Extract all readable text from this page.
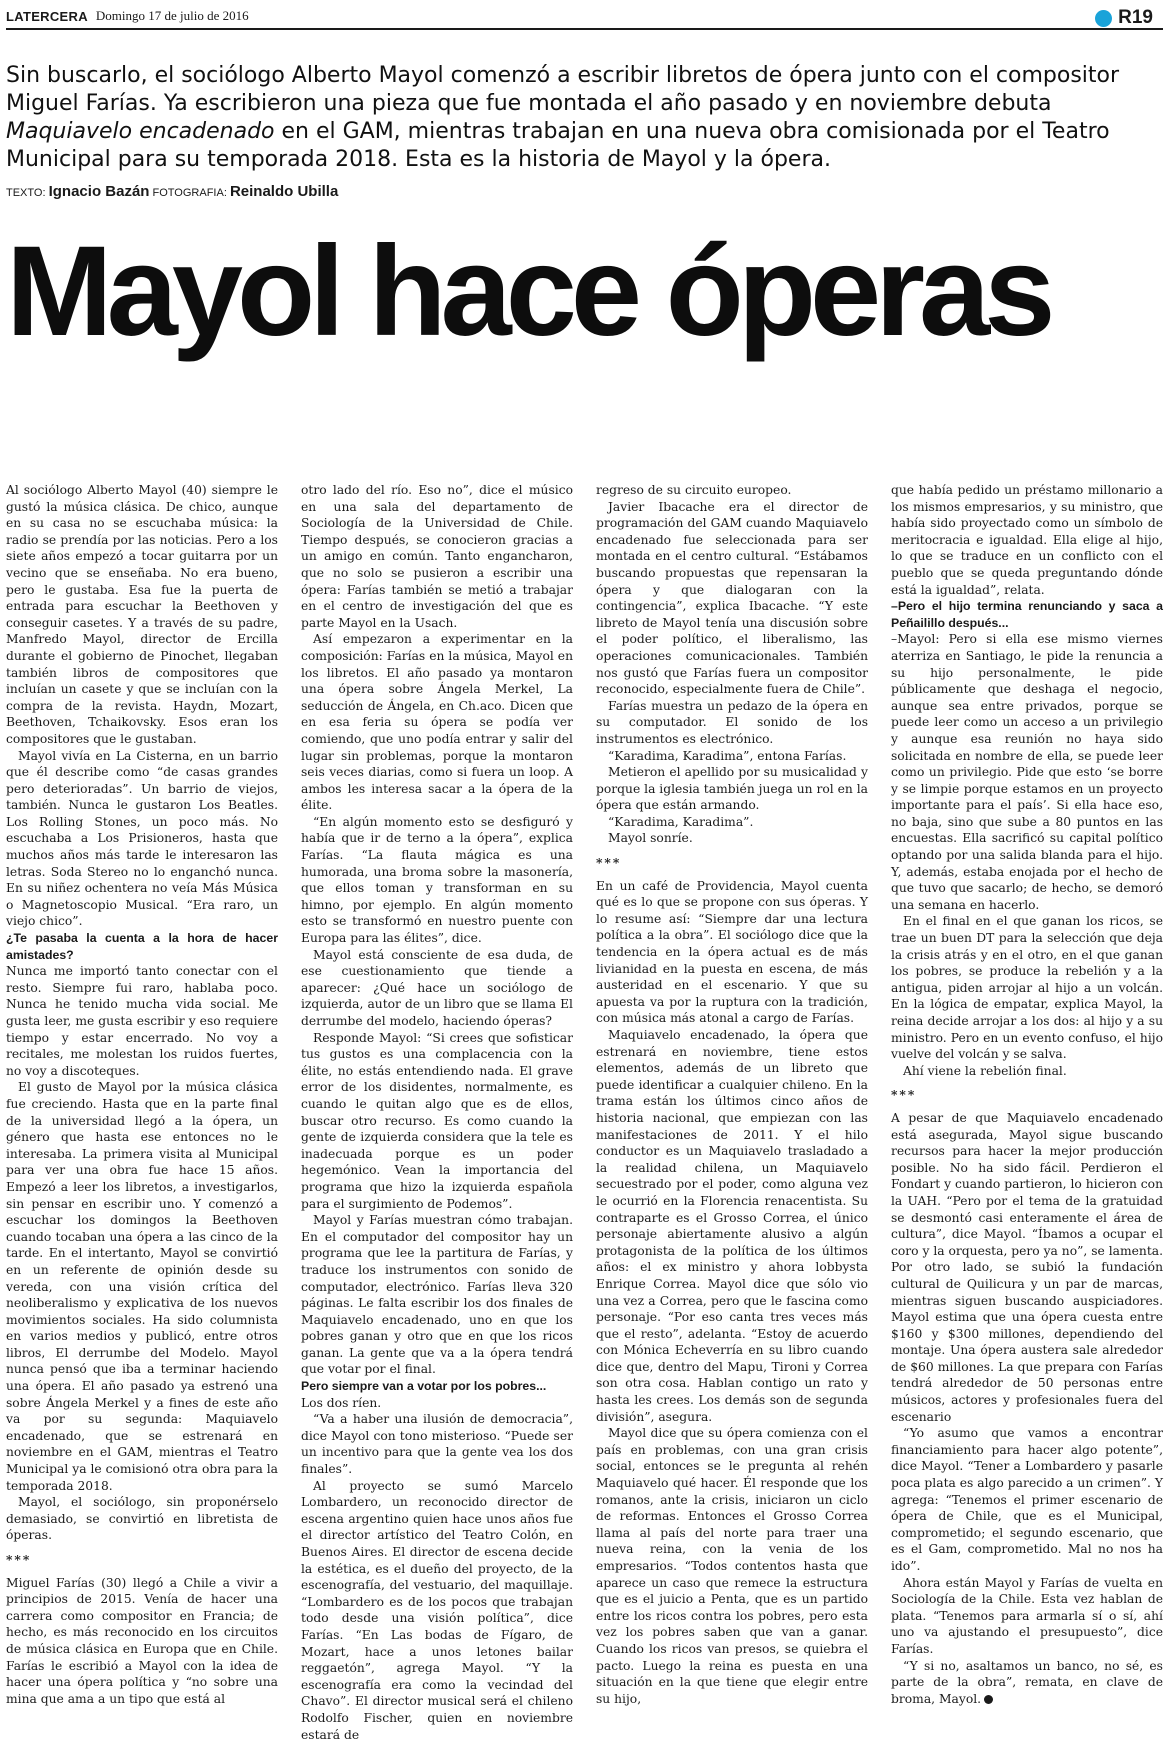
LATERCERA Domingo 17 de julio de 2016	R19
Sin buscarlo, el sociólogo Alberto Mayol comenzó a escribir libretos de ópera junto con el compositor Miguel Farías. Ya escribieron una pieza que fue montada el año pasado y en noviembre debuta Maquiavelo encadenado en el GAM, mientras trabajan en una nueva obra comisionada por el Teatro Municipal para su temporada 2018. Esta es la historia de Mayol y la ópera.
TEXTO: Ignacio Bazán FOTOGRAFIA: Reinaldo Ubilla
Mayol hace óperas

Al sociólogo Alberto Mayol (40) siempre le gustó la música clásica. De chico, aunque en su casa no se escuchaba música: la radio se prendía por las noticias. Pero a los siete años empezó a tocar guitarra por un vecino que se enseñaba. No era bueno, pero le gustaba. Esa fue la puerta de entrada para escuchar la Beethoven y conseguir casetes. Y a través de su padre, Manfredo Mayol, director de Ercilla durante el gobierno de Pinochet, llegaban también libros de compositores que incluían un casete y que se incluían con la compra de la revista. Haydn, Mozart, Beethoven, Tchaikovsky. Esos eran los compositores que le gustaban.

Mayol vivía en La Cisterna, en un barrio que él describe como “de casas grandes pero deterioradas”. Un barrio de viejos, también. Nunca le gustaron Los Beatles. Los Rolling Stones, un poco más. No escuchaba a Los Prisioneros, hasta que muchos años más tarde le interesaron las letras. Soda Stereo no lo enganchó nunca. En su niñez ochentera no veía Más Música o Magnetoscopio Musical. “Era raro, un viejo chico”.

¿Te pasaba la cuenta a la hora de hacer amistades?

Nunca me importó tanto conectar con el resto. Siempre fui raro, hablaba poco. Nunca he tenido mucha vida social. Me gusta leer, me gusta escribir y eso requiere tiempo y estar encerrado. No voy a recitales, me molestan los ruidos fuertes, no voy a discoteques.

El gusto de Mayol por la música clásica fue creciendo. Hasta que en la parte final de la universidad llegó a la ópera, un género que hasta ese entonces no le interesaba. La primera visita al Municipal para ver una obra fue hace 15 años. Empezó a leer los libretos, a investigarlos, sin pensar en escribir uno. Y comenzó a escuchar los domingos la Beethoven cuando tocaban una ópera a las cinco de la tarde. En el intertanto, Mayol se convirtió en un referente de opinión desde su vereda, con una visión crítica del neoliberalismo y explicativa de los nuevos movimientos sociales. Ha sido columnista en varios medios y publicó, entre otros libros, El derrumbe del Modelo. Mayol nunca pensó que iba a terminar haciendo una ópera. El año pasado ya estrenó una sobre Ángela Merkel y a fines de este año va por su segunda: Maquiavelo encadenado, que se estrenará en noviembre en el GAM, mientras el Teatro Municipal ya le comisionó otra obra para la temporada 2018.

Mayol, el sociólogo, sin proponérselo demasiado, se convirtió en libretista de óperas.

***

Miguel Farías (30) llegó a Chile a vivir a principios de 2015. Venía de hacer una carrera como compositor en Francia; de hecho, es más reconocido en los circuitos de música clásica en Europa que en Chile. Farías le escribió a Mayol con la idea de hacer una ópera política y “no sobre una mina que ama a un tipo que está al

otro lado del río. Eso no”, dice el músico en una sala del departamento de Sociología de la Universidad de Chile. Tiempo después, se conocieron gracias a un amigo en común. Tanto engancharon, que no solo se pusieron a escribir una ópera: Farías también se metió a trabajar en el centro de investigación del que es parte Mayol en la Usach.

Así empezaron a experimentar en la composición: Farías en la música, Mayol en los libretos. El año pasado ya montaron una ópera sobre Ángela Merkel, La seducción de Ángela, en Ch.aco. Dicen que en esa feria su ópera se podía ver comiendo, que uno podía entrar y salir del lugar sin problemas, porque la montaron seis veces diarias, como si fuera un loop. A ambos les interesa sacar a la ópera de la élite.

“En algún momento esto se desfiguró y había que ir de terno a la ópera”, explica Farías. “La flauta mágica es una humorada, una broma sobre la masonería, que ellos toman y transforman en su himno, por ejemplo. En algún momento esto se transformó en nuestro puente con Europa para las élites”, dice.

Mayol está consciente de esa duda, de ese cuestionamiento que tiende a aparecer: ¿Qué hace un sociólogo de izquierda, autor de un libro que se llama El derrumbe del modelo, haciendo óperas?

Responde Mayol: “Si crees que sofisticar tus gustos es una complacencia con la élite, no estás entendiendo nada. El grave error de los disidentes, normalmente, es cuando le quitan algo que es de ellos, buscar otro recurso. Es como cuando la gente de izquierda considera que la tele es inadecuada porque es un poder hegemónico. Vean la importancia del programa que hizo la izquierda española para el surgimiento de Podemos”.

Mayol y Farías muestran cómo trabajan. En el computador del compositor hay un programa que lee la partitura de Farías, y traduce los instrumentos con sonido de computador, electrónico. Farías lleva 320 páginas. Le falta escribir los dos finales de Maquiavelo encadenado, uno en que los pobres ganan y otro que en que los ricos ganan. La gente que va a la ópera tendrá que votar por el final.

Pero siempre van a votar por los pobres...

Los dos ríen.

“Va a haber una ilusión de democracia”, dice Mayol con tono misterioso. “Puede ser un incentivo para que la gente vea los dos finales”.

Al proyecto se sumó Marcelo Lombardero, un reconocido director de escena argentino quien hace unos años fue el director artístico del Teatro Colón, en Buenos Aires. El director de escena decide la estética, es el dueño del proyecto, de la escenografía, del vestuario, del maquillaje. “Lombardero es de los pocos que trabajan todo desde una visión política”, dice Farías. “En Las bodas de Fígaro, de Mozart, hace a unos letones bailar reggaetón”, agrega Mayol. “Y la escenografía era como la vecindad del Chavo”. El director musical será el chileno Rodolfo Fischer, quien en noviembre estará de

regreso de su circuito europeo.

Javier Ibacache era el director de programación del GAM cuando Maquiavelo encadenado fue seleccionada para ser montada en el centro cultural. “Estábamos buscando propuestas que repensaran la ópera y que dialogaran con la contingencia”, explica Ibacache. “Y este libreto de Mayol tenía una discusión sobre el poder político, el liberalismo, las operaciones comunicacionales. También nos gustó que Farías fuera un compositor reconocido, especialmente fuera de Chile”.

Farías muestra un pedazo de la ópera en su computador. El sonido de los instrumentos es electrónico.

“Karadima, Karadima”, entona Farías.

Metieron el apellido por su musicalidad y porque la iglesia también juega un rol en la ópera que están armando.

“Karadima, Karadima”.

Mayol sonríe.

***

En un café de Providencia, Mayol cuenta qué es lo que se propone con sus óperas. Y lo resume así: “Siempre dar una lectura política a la obra”. El sociólogo dice que la tendencia en la ópera actual es de más livianidad en la puesta en escena, de más austeridad en el escenario. Y que su apuesta va por la ruptura con la tradición, con música más atonal a cargo de Farías.

Maquiavelo encadenado, la ópera que estrenará en noviembre, tiene estos elementos, además de un libreto que puede identificar a cualquier chileno. En la trama están los últimos cinco años de historia nacional, que empiezan con las manifestaciones de 2011. Y el hilo conductor es un Maquiavelo trasladado a la realidad chilena, un Maquiavelo secuestrado por el poder, como alguna vez le ocurrió en la Florencia renacentista. Su contraparte es el Grosso Correa, el único personaje abiertamente alusivo a algún protagonista de la política de los últimos años: el ex ministro y ahora lobbysta Enrique Correa. Mayol dice que sólo vio una vez a Correa, pero que le fascina como personaje. “Por eso canta tres veces más que el resto”, adelanta. “Estoy de acuerdo con Mónica Echeverría en su libro cuando dice que, dentro del Mapu, Tironi y Correa son otra cosa. Hablan contigo un rato y hasta les crees. Los demás son de segunda división”, asegura.

Mayol dice que su ópera comienza con el país en problemas, con una gran crisis social, entonces se le pregunta al rehén Maquiavelo qué hacer. Él responde que los romanos, ante la crisis, iniciaron un ciclo de reformas. Entonces el Grosso Correa llama al país del norte para traer una nueva reina, con la venia de los empresarios. “Todos contentos hasta que aparece un caso que remece la estructura que es el juicio a Penta, que es un partido entre los ricos contra los pobres, pero esta vez los pobres saben que van a ganar. Cuando los ricos van presos, se quiebra el pacto. Luego la reina es puesta en una situación en la que tiene que elegir entre su hijo,

que había pedido un préstamo millonario a los mismos empresarios, y su ministro, que había sido proyectado como un símbolo de meritocracia e igualdad. Ella elige al hijo, lo que se traduce en un conflicto con el pueblo que se queda preguntando dónde está la igualdad”, relata.

–Pero el hijo termina renunciando y saca a Peñailillo después...

–Mayol: Pero si ella ese mismo viernes aterriza en Santiago, le pide la renuncia a su hijo personalmente, le pide públicamente que deshaga el negocio, aunque sea entre privados, porque se puede leer como un acceso a un privilegio y aunque esa reunión no haya sido solicitada en nombre de ella, se puede leer como un privilegio. Pide que esto ‘se borre y se limpie porque estamos en un proyecto importante para el país’. Si ella hace eso, no baja, sino que sube a 80 puntos en las encuestas. Ella sacrificó su capital político optando por una salida blanda para el hijo. Y, además, estaba enojada por el hecho de que tuvo que sacarlo; de hecho, se demoró una semana en hacerlo.

En el final en el que ganan los ricos, se trae un buen DT para la selección que deja la crisis atrás y en el otro, en el que ganan los pobres, se produce la rebelión y a la antigua, piden arrojar al hijo a un volcán. En la lógica de empatar, explica Mayol, la reina decide arrojar a los dos: al hijo y a su ministro. Pero en un evento confuso, el hijo vuelve del volcán y se salva.

Ahí viene la rebelión final.

***

A pesar de que Maquiavelo encadenado está asegurada, Mayol sigue buscando recursos para hacer la mejor producción posible. No ha sido fácil. Perdieron el Fondart y cuando partieron, lo hicieron con la UAH. “Pero por el tema de la gratuidad se desmontó casi enteramente el área de cultura”, dice Mayol. “Íbamos a ocupar el coro y la orquesta, pero ya no”, se lamenta. Por otro lado, se subió la fundación cultural de Quilicura y un par de marcas, mientras siguen buscando auspiciadores. Mayol estima que una ópera cuesta entre $160 y $300 millones, dependiendo del montaje. Una ópera austera sale alrededor de $60 millones. La que prepara con Farías tendrá alrededor de 50 personas entre músicos, actores y profesionales fuera del escenario

“Yo asumo que vamos a encontrar financiamiento para hacer algo potente”, dice Mayol. “Tener a Lombardero y pasarle poca plata es algo parecido a un crimen”. Y agrega: “Tenemos el primer escenario de ópera de Chile, que es el Municipal, comprometido; el segundo escenario, que es el Gam, comprometido. Mal no nos ha ido”.

Ahora están Mayol y Farías de vuelta en Sociología de la Chile. Esta vez hablan de plata. “Tenemos para armarla sí o sí, ahí uno va ajustando el presupuesto”, dice Farías.

“Y si no, asaltamos un banco, no sé, es parte de la obra”, remata, en clave de broma, Mayol.
